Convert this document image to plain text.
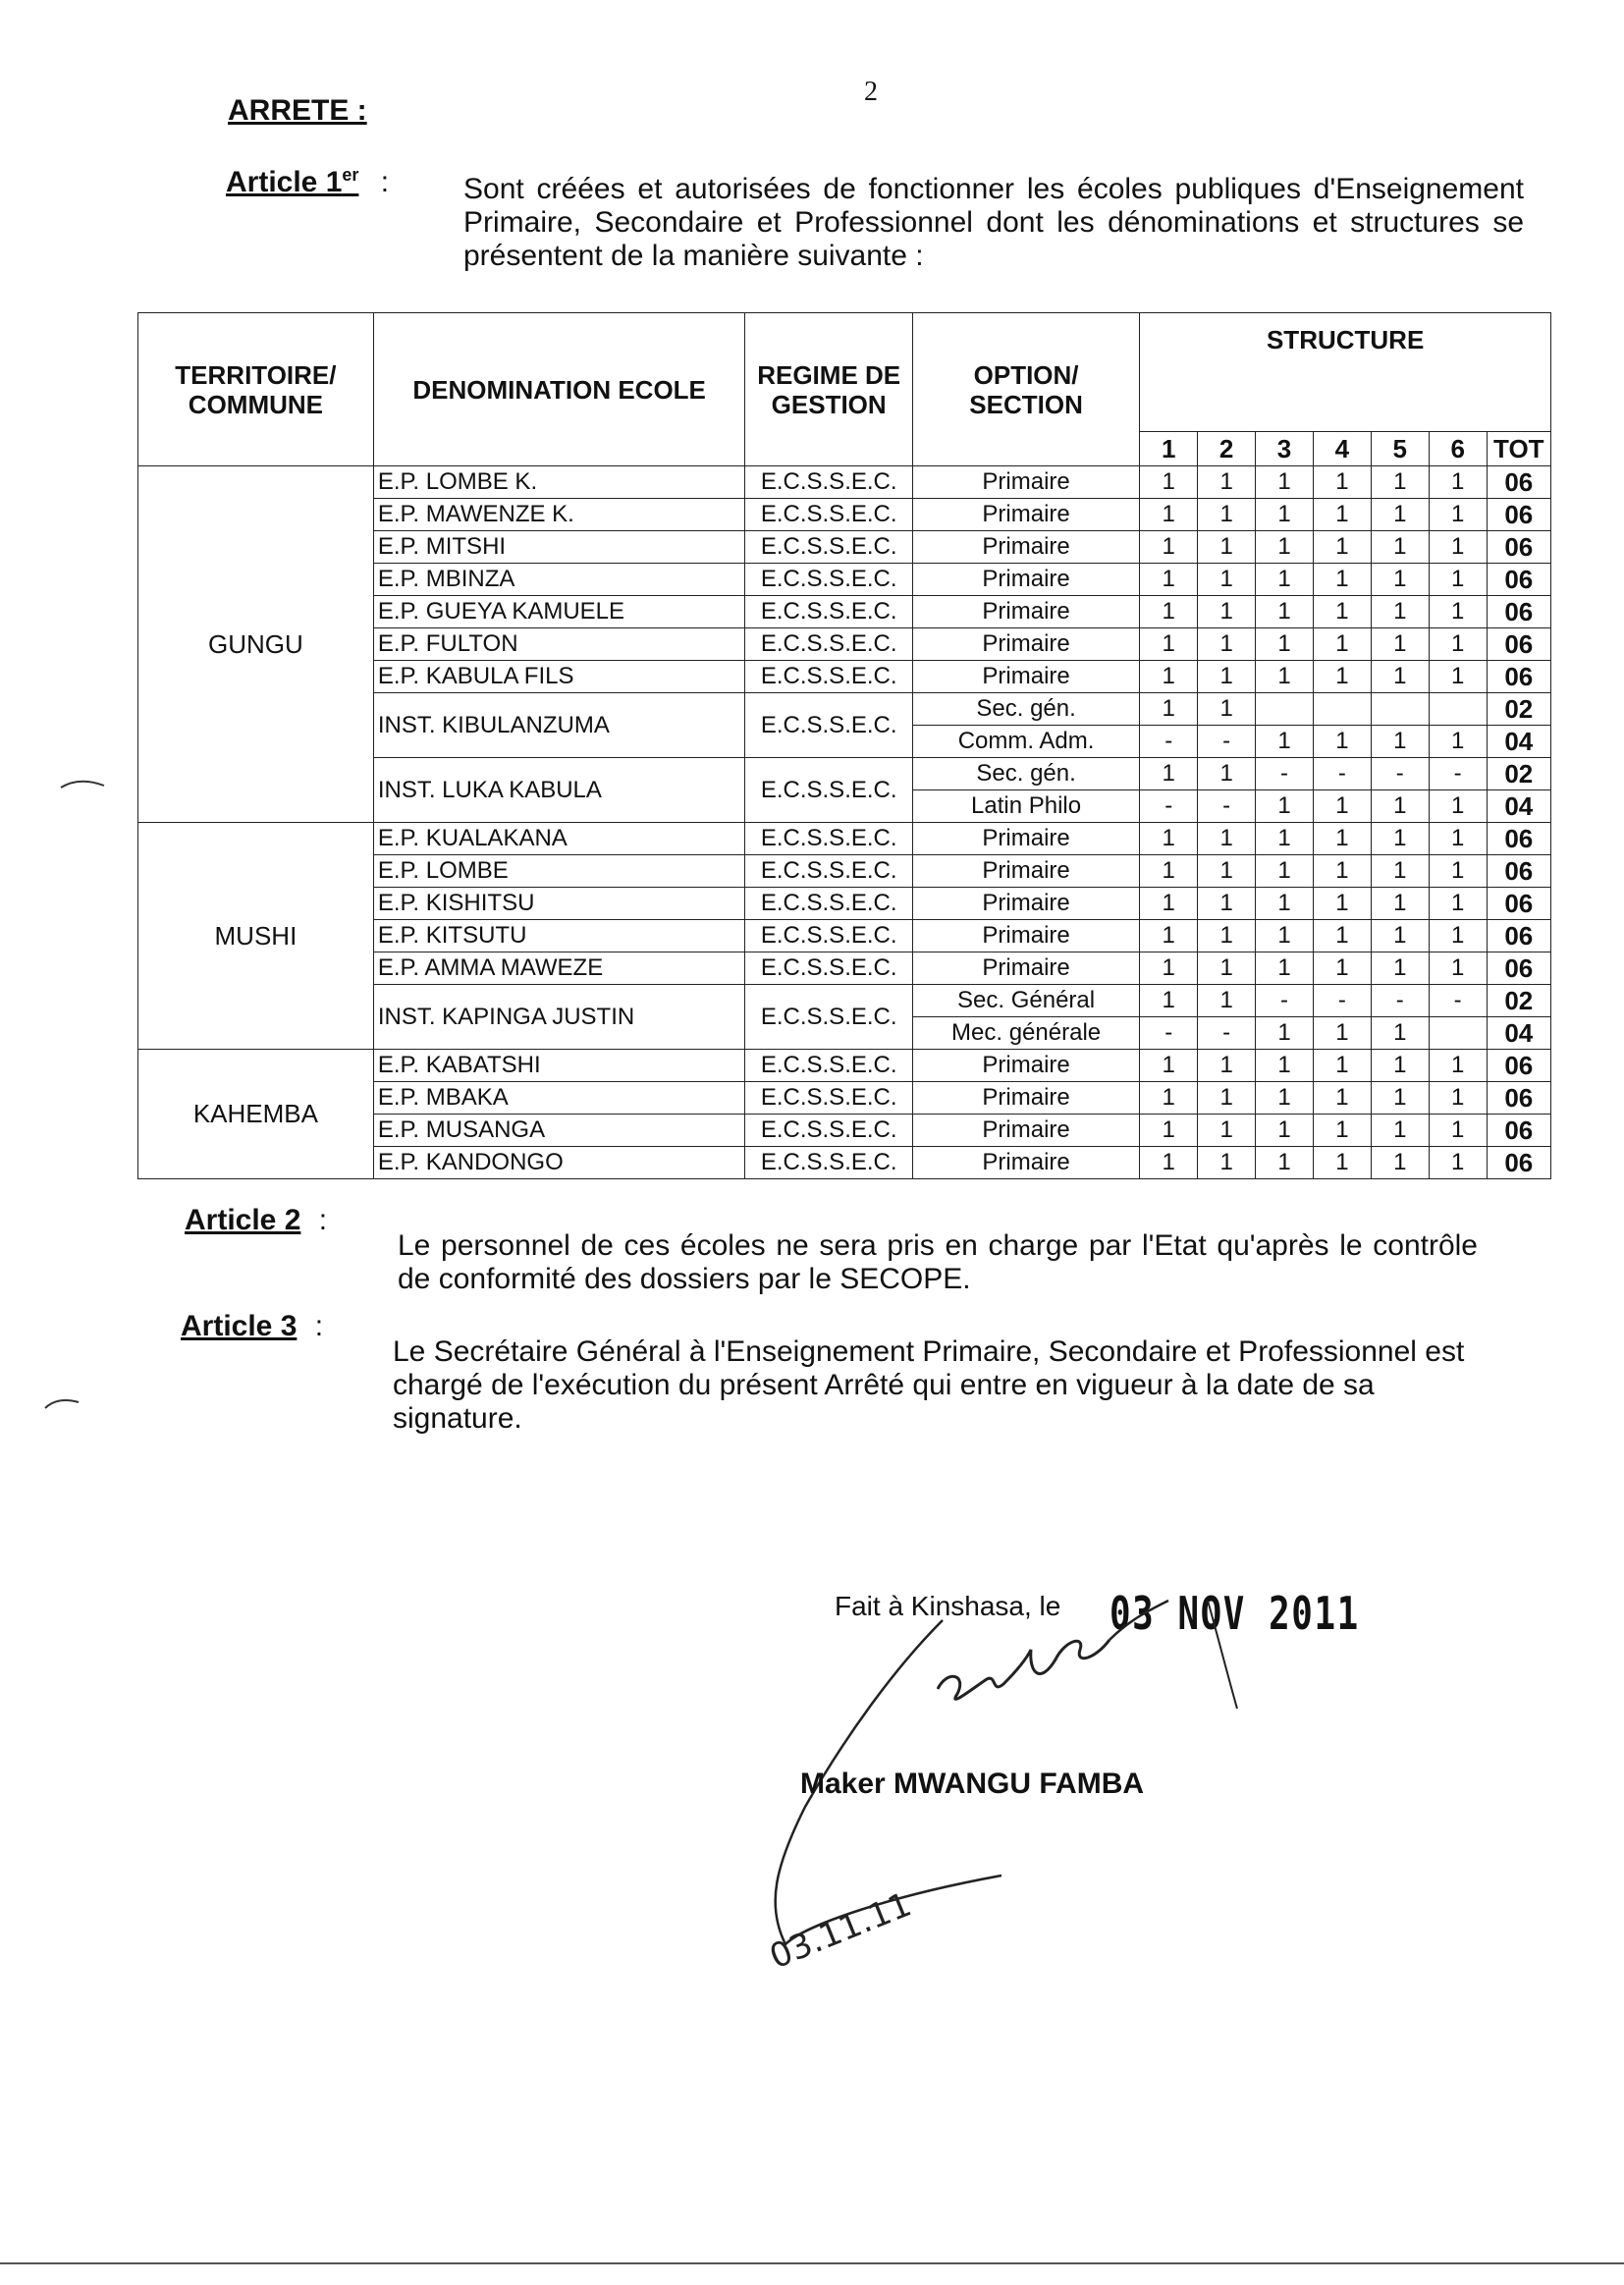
2
ARRETE :
Article 1er :	Sont créées et autorisées de fonctionner les écoles publiques d'Enseignement Primaire, Secondaire et Professionnel dont les dénominations et structures se présentent de la manière suivante :
TERRITOIRE/ COMMUNE	DENOMINATION ECOLE	REGIME DE GESTION	OPTION/ SECTION	STRUCTURE						
				1	2	3	4	5	6	TOT
GUNGU	E.P. LOMBE K.	E.C.S.S.E.C.	Primaire	1	1	1	1	1	1	06
	E.P. MAWENZE K.	E.C.S.S.E.C.	Primaire	1	1	1	1	1	1	06
	E.P. MITSHI	E.C.S.S.E.C.	Primaire	1	1	1	1	1	1	06
	E.P. MBINZA	E.C.S.S.E.C.	Primaire	1	1	1	1	1	1	06
	E.P. GUEYA KAMUELE	E.C.S.S.E.C.	Primaire	1	1	1	1	1	1	06
	E.P. FULTON	E.C.S.S.E.C.	Primaire	1	1	1	1	1	1	06
	E.P. KABULA FILS	E.C.S.S.E.C.	Primaire	1	1	1	1	1	1	06
	INST. KIBULANZUMA	E.C.S.S.E.C.	Sec. gén.	1	1					02
			Comm. Adm.	-	-	1	1	1	1	04
	INST. LUKA KABULA	E.C.S.S.E.C.	Sec. gén.	1	1	-	-	-	-	02
			Latin Philo	-	-	1	1	1	1	04
MUSHI	E.P. KUALAKANA	E.C.S.S.E.C.	Primaire	1	1	1	1	1	1	06
	E.P. LOMBE	E.C.S.S.E.C.	Primaire	1	1	1	1	1	1	06
	E.P. KISHITSU	E.C.S.S.E.C.	Primaire	1	1	1	1	1	1	06
	E.P. KITSUTU	E.C.S.S.E.C.	Primaire	1	1	1	1	1	1	06
	E.P. AMMA MAWEZE	E.C.S.S.E.C.	Primaire	1	1	1	1	1	1	06
	INST. KAPINGA JUSTIN	E.C.S.S.E.C.	Sec. Général	1	1	-	-	-	-	02
			Mec. générale	-	-	1	1	1		04
KAHEMBA	E.P. KABATSHI	E.C.S.S.E.C.	Primaire	1	1	1	1	1	1	06
	E.P. MBAKA	E.C.S.S.E.C.	Primaire	1	1	1	1	1	1	06
	E.P. MUSANGA	E.C.S.S.E.C.	Primaire	1	1	1	1	1	1	06
	E.P. KANDONGO	E.C.S.S.E.C.	Primaire	1	1	1	1	1	1	06
Article 2 :
Le personnel de ces écoles ne sera pris en charge par l'Etat qu'après le contrôle de conformité des dossiers par le SECOPE.
Article 3 :
Le Secrétaire Général à l'Enseignement Primaire, Secondaire et Professionnel est chargé de l'exécution du présent Arrêté qui entre en vigueur à la date de sa signature.
Fait à Kinshasa, le 03 NOV 2011
03.11.11
Maker MWANGU FAMBA
